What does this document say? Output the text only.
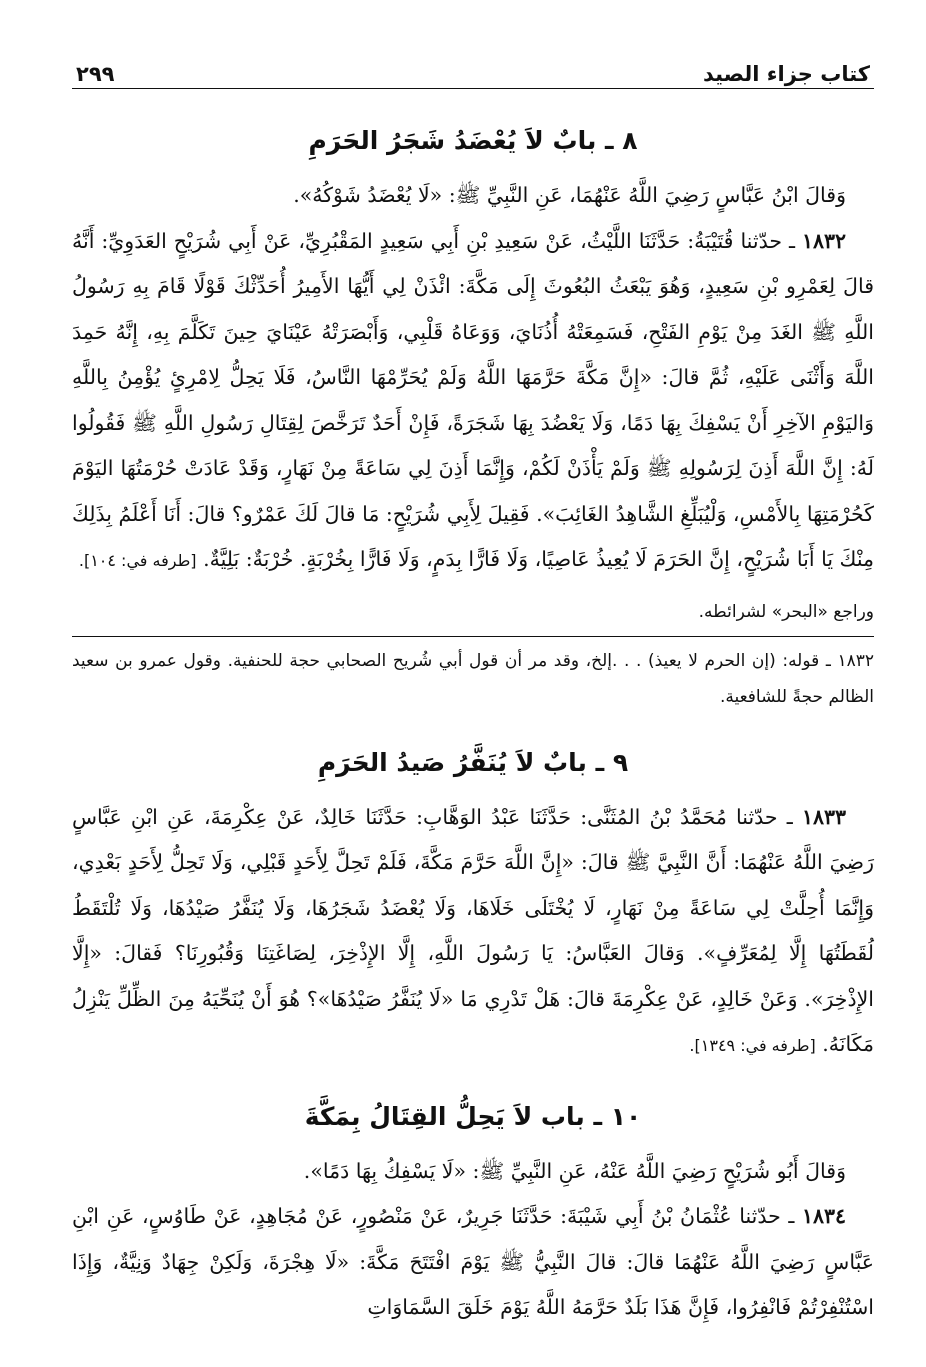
كتاب جزاء الصيد
٢٩٩
٨ ـ بابٌ لاَ يُعْضَدُ شَجَرُ الحَرَمِ

وَقالَ ابْنُ عَبَّاسٍ رَضِيَ اللَّهُ عَنْهُمَا، عَنِ النَّبِيِّ ﷺ: «لَا يُعْضَدُ شَوْكُهُ».

١٨٣٢ ـ حدّثنا قُتَيْبَةُ: حَدَّثَنَا اللَّيْثُ، عَنْ سَعِيدِ بْنِ أَبِي سَعِيدٍ المَقْبُرِيِّ، عَنْ أَبِي شُرَيْحٍ العَدَوِيِّ: أَنَّهُ قالَ لِعَمْرِو بْنِ سَعِيدٍ، وَهُوَ يَبْعَثُ البُعُوثَ إِلَى مَكَّةَ: ائْذَنْ لِي أَيُّهَا الأَمِيرُ أُحَدِّثْكَ قَوْلًا قَامَ بِهِ رَسُولُ اللَّهِ ﷺ الغَدَ مِنْ يَوْمِ الفَتْحِ، فَسَمِعَتْهُ أُذُنَايَ، وَوَعَاهُ قَلْبِي، وَأَبْصَرَتْهُ عَيْنَايَ حِينَ تَكَلَّمَ بِهِ، إِنَّهُ حَمِدَ اللَّهَ وَأَثْنَى عَلَيْهِ، ثُمَّ قالَ: «إِنَّ مَكَّةَ حَرَّمَهَا اللَّهُ وَلَمْ يُحَرِّمْهَا النَّاسُ، فَلَا يَحِلُّ لِامْرِئٍ يُؤْمِنُ بِاللَّهِ وَاليَوْمِ الآخِرِ أَنْ يَسْفِكَ بِهَا دَمًا، وَلَا يَعْضُدَ بِهَا شَجَرَةً، فَإِنْ أَحَدٌ تَرَخَّصَ لِقِتَالِ رَسُولِ اللَّهِ ﷺ فَقُولُوا لَهُ: إِنَّ اللَّهَ أَذِنَ لِرَسُولِهِ ﷺ وَلَمْ يَأْذَنْ لَكُمْ، وَإِنَّمَا أَذِنَ لِي سَاعَةً مِنْ نَهَارٍ، وَقَدْ عَادَتْ حُرْمَتُهَا اليَوْمَ كَحُرْمَتِهَا بِالأَمْسِ، وَلْيُبَلِّغِ الشَّاهِدُ الغَائِبَ». فَقِيلَ لِأَبِي شُرَيْحٍ: مَا قالَ لَكَ عَمْرٌو؟ قالَ: أَنَا أَعْلَمُ بِذَلِكَ مِنْكَ يَا أَبَا شُرَيْحٍ، إِنَّ الحَرَمَ لَا يُعِيذُ عَاصِيًا، وَلَا فَارًّا بِدَمٍ، وَلَا فَارًّا بِخُرْبَةٍ. خُرْبَةٌ: بَلِيَّةٌ. [طرفه في: ١٠٤].

وراجع «البحر» لشرائطه.

١٨٣٢ ـ قوله: (إن الحرم لا يعيذ) . . .إلخ، وقد مر أن قول أبي شُريح الصحابي حجة للحنفية. وقول عمرو بن سعيد الظالم حجةً للشافعية.

٩ ـ بابٌ لاَ يُنَفَّرُ صَيدُ الحَرَمِ

١٨٣٣ ـ حدّثنا مُحَمَّدُ بْنُ المُثَنَّى: حَدَّثَنَا عَبْدُ الوَهَّابِ: حَدَّثَنَا خَالِدٌ، عَنْ عِكْرِمَةَ، عَنِ ابْنِ عَبَّاسٍ رَضِيَ اللَّهُ عَنْهُمَا: أَنَّ النَّبِيَّ ﷺ قالَ: «إِنَّ اللَّهَ حَرَّمَ مَكَّةَ، فَلَمْ تَحِلَّ لِأَحَدٍ قَبْلِي، وَلَا تَحِلُّ لِأَحَدٍ بَعْدِي، وَإِنَّمَا أُحِلَّتْ لِي سَاعَةً مِنْ نَهَارٍ، لَا يُخْتَلَى خَلَاهَا، وَلَا يُعْضَدُ شَجَرُهَا، وَلَا يُنَفَّرُ صَيْدُهَا، وَلَا تُلْتَقَطُ لُقَطَتُهَا إِلَّا لِمُعَرِّفٍ». وَقالَ العَبَّاسُ: يَا رَسُولَ اللَّهِ، إِلَّا الإِذْخِرَ، لِصَاغَتِنَا وَقُبُورِنَا؟ فَقالَ: «إِلَّا الإِذْخِرَ». وَعَنْ خَالِدٍ، عَنْ عِكْرِمَةَ قالَ: هَلْ تَدْرِي مَا «لَا يُنَفَّرُ صَيْدُهَا»؟ هُوَ أَنْ يُنَحِّيَهُ مِنَ الظِّلِّ يَنْزِلُ مَكَانَهُ. [طرفه في: ١٣٤٩].

١٠ ـ باب لاَ يَحِلُّ القِتَالُ بِمَكَّةَ

وَقالَ أَبُو شُرَيْحٍ رَضِيَ اللَّهُ عَنْهُ، عَنِ النَّبِيِّ ﷺ: «لَا يَسْفِكُ بِهَا دَمًا».

١٨٣٤ ـ حدّثنا عُثْمَانُ بْنُ أَبِي شَيْبَةَ: حَدَّثَنَا جَرِيرٌ، عَنْ مَنْصُورٍ، عَنْ مُجَاهِدٍ، عَنْ طَاوُسٍ، عَنِ ابْنِ عَبَّاسٍ رَضِيَ اللَّهُ عَنْهُمَا قالَ: قالَ النَّبِيُّ ﷺ يَوْمَ افْتَتَحَ مَكَّةَ: «لَا هِجْرَةَ، وَلَكِنْ جِهَادٌ وَنِيَّةٌ، وَإِذَا اسْتُنْفِرْتُمْ فَانْفِرُوا، فَإِنَّ هَذَا بَلَدٌ حَرَّمَهُ اللَّهُ يَوْمَ خَلَقَ السَّمَاوَاتِ
